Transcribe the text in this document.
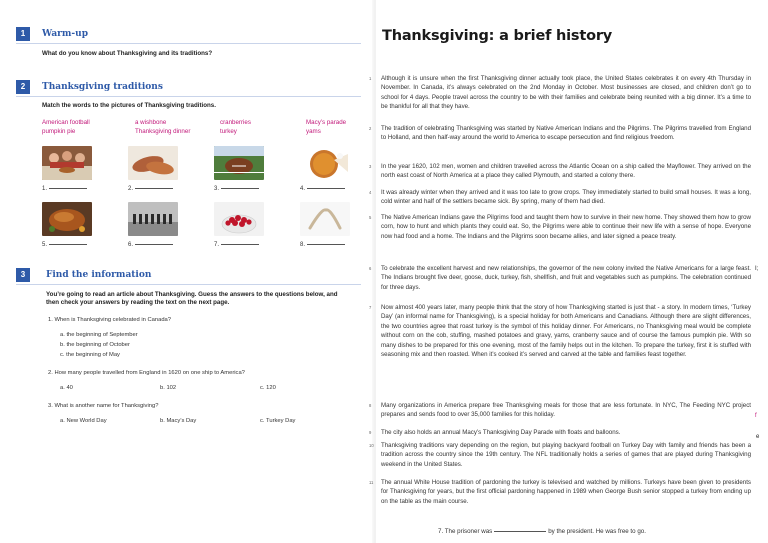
1	Warm-up
What do you know about Thanksgiving and its traditions?
2	Thanksgiving traditions
Match the words to the pictures of Thanksgiving traditions.
American football	a wishbone	cranberries	Macy’s parade
pumpkin pie	Thanksgiving dinner	turkey	yams
1.	2.	3.	4.
5.	6.	7.	8.
3	Find the information
You’re going to read an article about Thanksgiving. Guess the answers to the questions below, and
then check your answers by reading the text on the next page.
1. When is Thanksgiving celebrated in Canada?
a. the beginning of September
b. the beginning of October
c. the beginning of May
2. How many people travelled from England in 1620 on one ship to America?
a. 40	b. 102	c. 120
3. What is another name for Thanksgiving?
a. New World Day	b. Macy’s Day	c. Turkey Day
Thanksgiving: a brief history
1 Although it is unsure when the first Thanksgiving dinner actually took place, the United States celebrates it on every 4th Thursday in November. In Canada, it’s always celebrated on the 2nd Monday in October. Most businesses are closed, and children don’t go to school for 4 days. People travel across the country to be with their families and celebrate being reunited with a big dinner. It’s a time to be thankful for all that they have.
2 The tradition of celebrating Thanksgiving was started by Native American Indians and the Pilgrims. The Pilgrims travelled from England to Holland, and then half-way around the world to America to escape persecution and find religious freedom.
3 In the year 1620, 102 men, women and children travelled across the Atlantic Ocean on a ship called the Mayflower. They arrived on the north east coast of North America at a place they called Plymouth, and started a colony there.
4 It was already winter when they arrived and it was too late to grow crops. They immediately started to build small houses. It was a long, cold winter and half of the settlers became sick. By spring, many of them had died.
5 The Native American Indians gave the Pilgrims food and taught them how to survive in their new home. They showed them how to grow corn, how to hunt and which plants they could eat. So, the Pilgrims were able to continue their new life with a sense of hope. Everyone now had food and a home. The Indians and the Pilgrims soon became allies, and later signed a peace treaty.
6 To celebrate the excellent harvest and new relationships, the governor of the new colony invited the Native Americans for a large feast. The Indians brought five deer, goose, duck, turkey, fish, shellfish, and fruit and vegetables such as pumpkins. The celebration continued for three days.
I;
7 Now almost 400 years later, many people think that the story of how Thanksgiving started is just that - a story. In modern times, ‘Turkey Day’ (an informal name for Thanksgiving), is a special holiday for both Americans and Canadians. Although there are slight differences, the two countries agree that roast turkey is the symbol of this holiday dinner. For Americans, no Thanksgiving meal would be complete without corn on the cob, stuffing, mashed potatoes and gravy, yams, cranberry sauce and of course the famous pumpkin pie. With so many dishes to be prepared for this one evening, most of the family helps out in the kitchen. To prepare the turkey, first it is stuffed with seasoning mix and then roasted. When it’s cooked it’s served and carved at the table and families feast together.
8 Many organizations in America prepare free Thanksgiving meals for those that are less fortunate. In NYC, The Feeding NYC project prepares and sends food to over 35,000 families for this holiday.	f
9 The city also holds an annual Macy’s Thanksgiving Day Parade with floats and balloons.
e
10 Thanksgiving traditions vary depending on the region, but playing backyard football on Turkey Day with family and friends has been a tradition across the country since the 19th century. The NFL traditionally holds a series of games that are played during Thanksgiving weekend in the United States.
11 The annual White House tradition of pardoning the turkey is televised and watched by millions. Turkeys have been given to presidents for Thanksgiving for years, but the first official pardoning happened in 1989 when George Bush senior stopped a turkey from ending up on the table as the main course.
7. The prisoner was	by the president. He was free to go.
